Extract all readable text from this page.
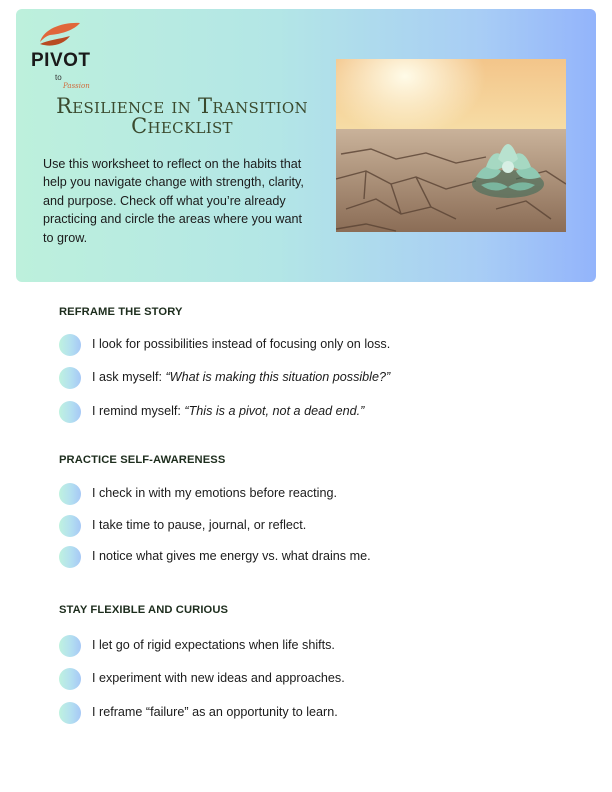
PIVOT
to
Passion
Resilience in Transition Checklist
Use this worksheet to reflect on the habits that help you navigate change with strength, clarity, and purpose. Check off what you’re already practicing and circle the areas where you want to grow.
REFRAME THE STORY
I look for possibilities instead of focusing only on loss.
I ask myself: “What is making this situation possible?”
I remind myself: “This is a pivot, not a dead end.”
PRACTICE SELF-AWARENESS
I check in with my emotions before reacting.
I take time to pause, journal, or reflect.
I notice what gives me energy vs. what drains me.
STAY FLEXIBLE AND CURIOUS
I let go of rigid expectations when life shifts.
I experiment with new ideas and approaches.
I reframe “failure” as an opportunity to learn.
